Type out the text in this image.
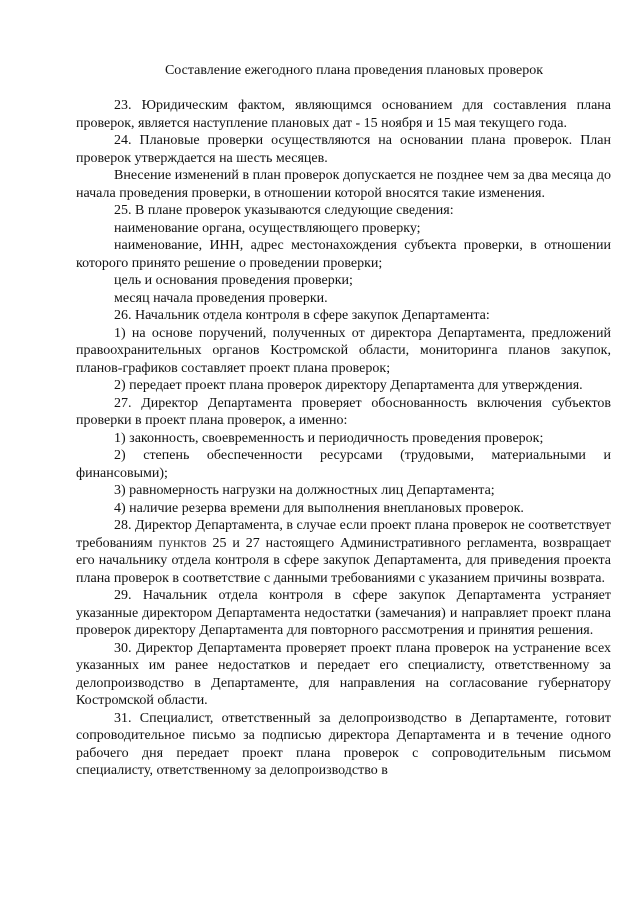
Составление ежегодного плана проведения плановых проверок

23. Юридическим фактом, являющимся основанием для составления плана проверок, является наступление плановых дат - 15 ноября и 15 мая текущего года.

24. Плановые проверки осуществляются на основании плана проверок. План проверок утверждается на шесть месяцев.

Внесение изменений в план проверок допускается не позднее чем за два месяца до начала проведения проверки, в отношении которой вносятся такие изменения.

25. В плане проверок указываются следующие сведения:

наименование органа, осуществляющего проверку;

наименование, ИНН, адрес местонахождения субъекта проверки, в отношении которого принято решение о проведении проверки;

цель и основания проведения проверки;

месяц начала проведения проверки.

26. Начальник отдела контроля в сфере закупок Департамента:

1) на основе поручений, полученных от директора Департамента, предложений правоохранительных органов Костромской области, мониторинга планов закупок, планов-графиков составляет проект плана проверок;

2) передает проект плана проверок директору Департамента для утверждения.

27. Директор Департамента проверяет обоснованность включения субъектов проверки в проект плана проверок, а именно:

1) законность, своевременность и периодичность проведения проверок;

2) степень обеспеченности ресурсами (трудовыми, материальными и финансовыми);

3) равномерность нагрузки на должностных лиц Департамента;

4) наличие резерва времени для выполнения внеплановых проверок.

28. Директор Департамента, в случае если проект плана проверок не соответствует требованиям пунктов 25 и 27 настоящего Административного регламента, возвращает его начальнику отдела контроля в сфере закупок Департамента, для приведения проекта плана проверок в соответствие с данными требованиями с указанием причины возврата.

29. Начальник отдела контроля в сфере закупок Департамента устраняет указанные директором Департамента недостатки (замечания) и направляет проект плана проверок директору Департамента для повторного рассмотрения и принятия решения.

30. Директор Департамента проверяет проект плана проверок на устранение всех указанных им ранее недостатков и передает его специалисту, ответственному за делопроизводство в Департаменте, для направления на согласование губернатору Костромской области.

31. Специалист, ответственный за делопроизводство в Департаменте, готовит сопроводительное письмо за подписью директора Департамента и в течение одного рабочего дня передает проект плана проверок с сопроводительным письмом специалисту, ответственному за делопроизводство в
